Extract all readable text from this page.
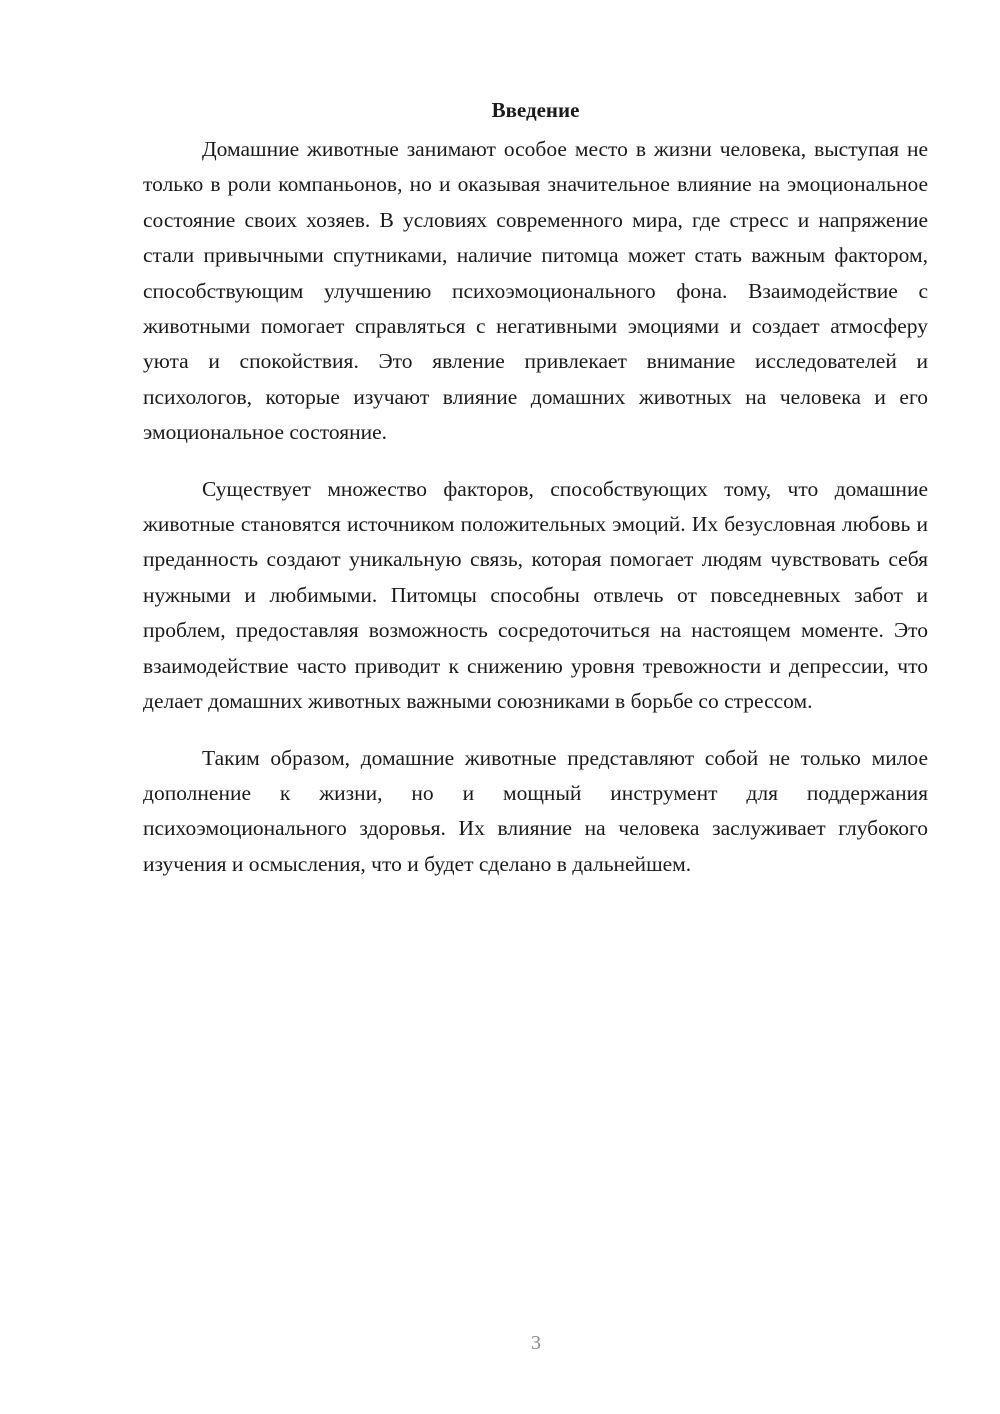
Введение

Домашние животные занимают особое место в жизни человека, выступая не только в роли компаньонов, но и оказывая значительное влияние на эмоциональное состояние своих хозяев. В условиях современного мира, где стресс и напряжение стали привычными спутниками, наличие питомца может стать важным фактором, способствующим улучшению психоэмоционального фона. Взаимодействие с животными помогает справляться с негативными эмоциями и создает атмосферу уюта и спокойствия. Это явление привлекает внимание исследователей и психологов, которые изучают влияние домашних животных на человека и его эмоциональное состояние.

Существует множество факторов, способствующих тому, что домашние животные становятся источником положительных эмоций. Их безусловная любовь и преданность создают уникальную связь, которая помогает людям чувствовать себя нужными и любимыми. Питомцы способны отвлечь от повседневных забот и проблем, предоставляя возможность сосредоточиться на настоящем моменте. Это взаимодействие часто приводит к снижению уровня тревожности и депрессии, что делает домашних животных важными союзниками в борьбе со стрессом.

Таким образом, домашние животные представляют собой не только милое дополнение к жизни, но и мощный инструмент для поддержания психоэмоционального здоровья. Их влияние на человека заслуживает глубокого изучения и осмысления, что и будет сделано в дальнейшем.

3
